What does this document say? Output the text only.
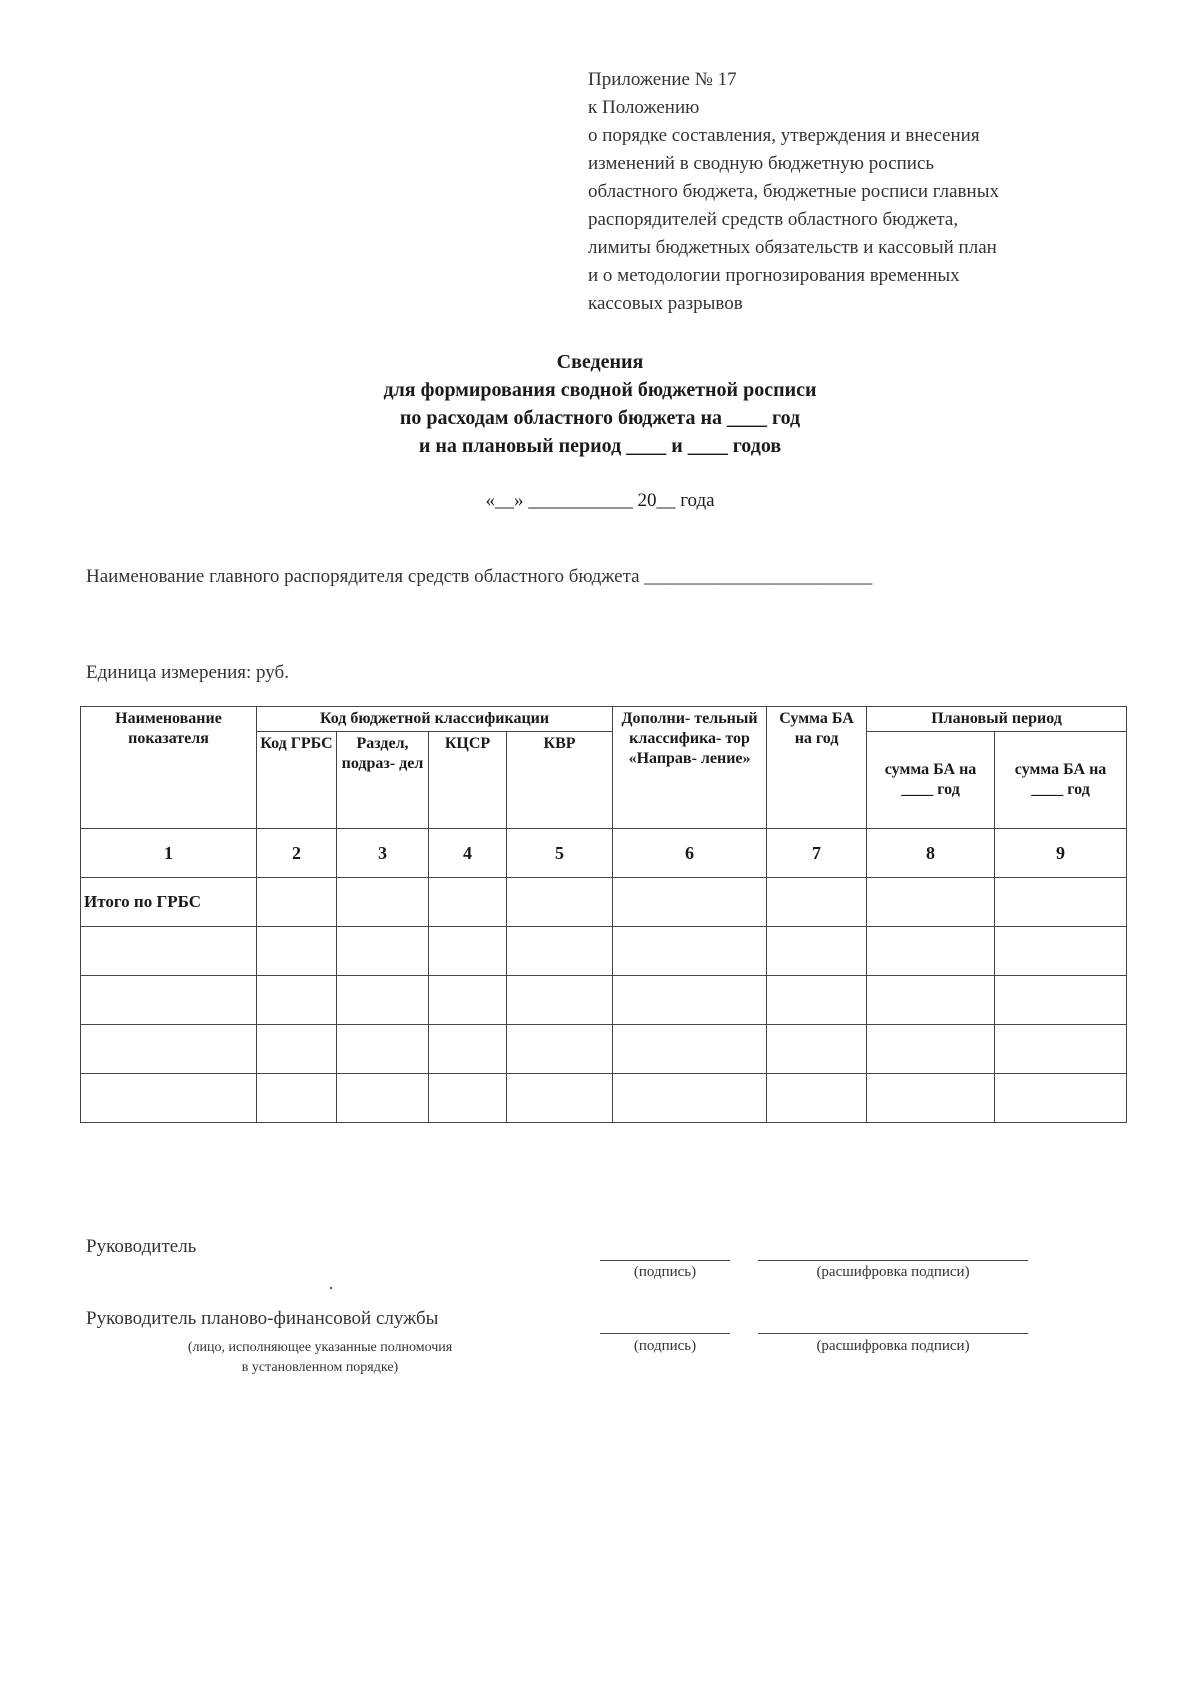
Приложение № 17
к Положению
о порядке составления, утверждения и внесения
изменений в сводную бюджетную роспись
областного бюджета, бюджетные росписи главных
распорядителей средств областного бюджета,
лимиты бюджетных обязательств и кассовый план
и о методологии прогнозирования временных
кассовых разрывов
Сведения
для формирования сводной бюджетной росписи
по расходам областного бюджета на ____ год
и на плановый период ____ и ____ годов
«__» ___________ 20__ года
Наименование главного распорядителя средств областного бюджета ________________________
Единица измерения: руб.
Наименование показателя	Код бюджетной классификации				Дополни- тельный классифика- тор «Направ- ление»	Сумма БА на год	Плановый период	
	Код ГРБС	Раздел, подраз- дел	КЦСР	КВР			сумма БА на ____ год	сумма БА на ____ год
1	2	3	4	5	6	7	8	9
Итого по ГРБС								

Руководитель
(подпись)	(расшифровка подписи)
Руководитель планово-финансовой службы
(лицо, исполняющее указанные полномочия
в установленном порядке)
(подпись)	(расшифровка подписи)
